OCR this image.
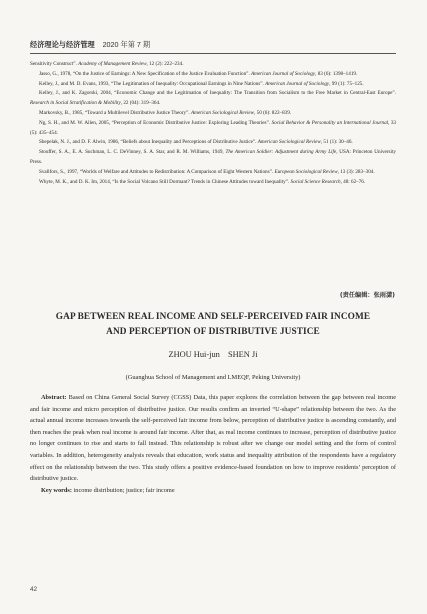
经济理论与经济管理 2020 年第 7 期

Sensitivity Construct”. Academy of Management Review, 12 (2): 222–234.

Jasso, G., 1978, “On the Justice of Earnings: A New Specification of the Justice Evaluation Function”. American Journal of Sociology, 83 (6): 1398–1419.

Kelley, J., and M. D. Evans, 1993, “The Legitimation of Inequality: Occupational Earnings in Nine Nations”. American Journal of Sociology, 99 (1): 75–125.

Kelley, J., and K. Zagorski, 2004, “Economic Change and the Legitimation of Inequality: The Transition from Socialism to the Free Market in Central-East Europe”. Research in Social Stratification & Mobility, 22 (04): 319–364.

Markovsky, B., 1985, “Toward a Multilevel Distributive Justice Theory”. American Sociological Review, 50 (6): 822–839.

Ng, S. H., and M. W. Allen, 2005, “Perception of Economic Distributive Justice: Exploring Leading Theories”. Social Behavior & Personality an International Journal, 33 (5): 435–454.

Shepelak, N. J., and D. F. Alwin, 1986, “Beliefs about Inequality and Perceptions of Distributive Justice”. American Sociological Review, 51 (1): 30–46.

Stouffer, S. A., E. A. Suchman, L. C. DeVinney, S. A. Star, and R. M. Williams, 1949, The American Soldier: Adjustment during Army Life, USA: Princeton University Press.

Svallfors, S., 1997, “Worlds of Welfare and Attitudes to Redistribution: A Comparison of Eight Western Nations”. European Sociological Review, 13 (3): 283–304.

Whyte, M. K., and D. K. Im, 2014, “Is the Social Volcano Still Dormant? Trends in Chinese Attitudes toward Inequality”. Social Science Research, 48: 62–76.

(责任编辑：张雨潇)
GAP BETWEEN REAL INCOME AND SELF-PERCEIVED FAIR INCOME
AND PERCEPTION OF DISTRIBUTIVE JUSTICE
ZHOU Hui-jun SHEN Ji
(Guanghua School of Management and LMEQF, Peking University)

Abstract: Based on China General Social Survey (CGSS) Data, this paper explores the correlation between the gap between real income and fair income and micro perception of distributive justice. Our results confirm an inverted “U-shape” relationship between the two. As the actual annual income increases towards the self-perceived fair income from below, perception of distributive justice is ascending constantly, and then reaches the peak when real income is around fair income. After that, as real income continues to increase, perception of distributive justice no longer continues to rise and starts to fall instead. This relationship is robust after we change our model setting and the form of control variables. In addition, heterogeneity analysis reveals that education, work status and inequality attribution of the respondents have a regulatory effect on the relationship between the two. This study offers a positive evidence-based foundation on how to improve residents’ perception of distributive justice.

Key words: income distribution; justice; fair income

42
